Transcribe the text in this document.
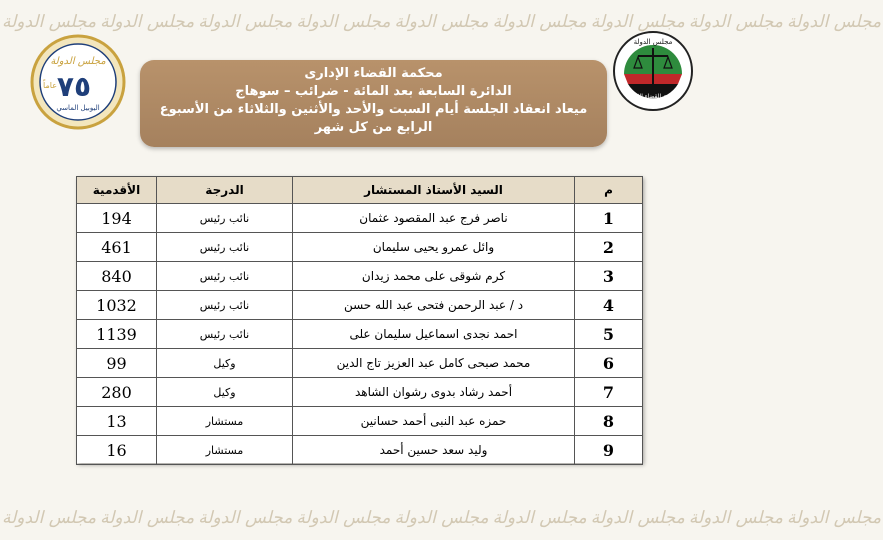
مجلس الدولة مجلس الدولة مجلس الدولة مجلس الدولة مجلس الدولة مجلس الدولة مجلس الدولة مجلس الدولة مجلس الدولة
مجلس الدولة
٧٥
عاماً
اليوبيل الماسي
مجلس الدولة
محكمة القضاء الإداري
محكمة القضاء الإدارى
الدائرة السابعة بعد المائة - ضرائب – سوهاج
ميعاد انعقاد الجلسة أيام السبت والأحد والأثنين والثلاثاء من الأسبوع الرابع من كل شهر
م	السيد الأستاذ المستشار	الدرجة	الأقدمية
1	ناصر فرج عبد المقصود عثمان	نائب رئيس	194
2	وائل عمرو يحيى سليمان	نائب رئيس	461
3	كرم شوقى على محمد زيدان	نائب رئيس	840
4	د / عبد الرحمن فتحى عبد الله حسن	نائب رئيس	1032
5	احمد نجدى اسماعيل سليمان على	نائب رئيس	1139
6	محمد صبحى كامل عبد العزيز تاج الدين	وكيل	99
7	أحمد رشاد بدوى رشوان الشاهد	وكيل	280
8	حمزه عبد النبى أحمد حسانين	مستشار	13
9	وليد سعد حسين أحمد	مستشار	16
مجلس الدولة مجلس الدولة مجلس الدولة مجلس الدولة مجلس الدولة مجلس الدولة مجلس الدولة مجلس الدولة مجلس الدولة
